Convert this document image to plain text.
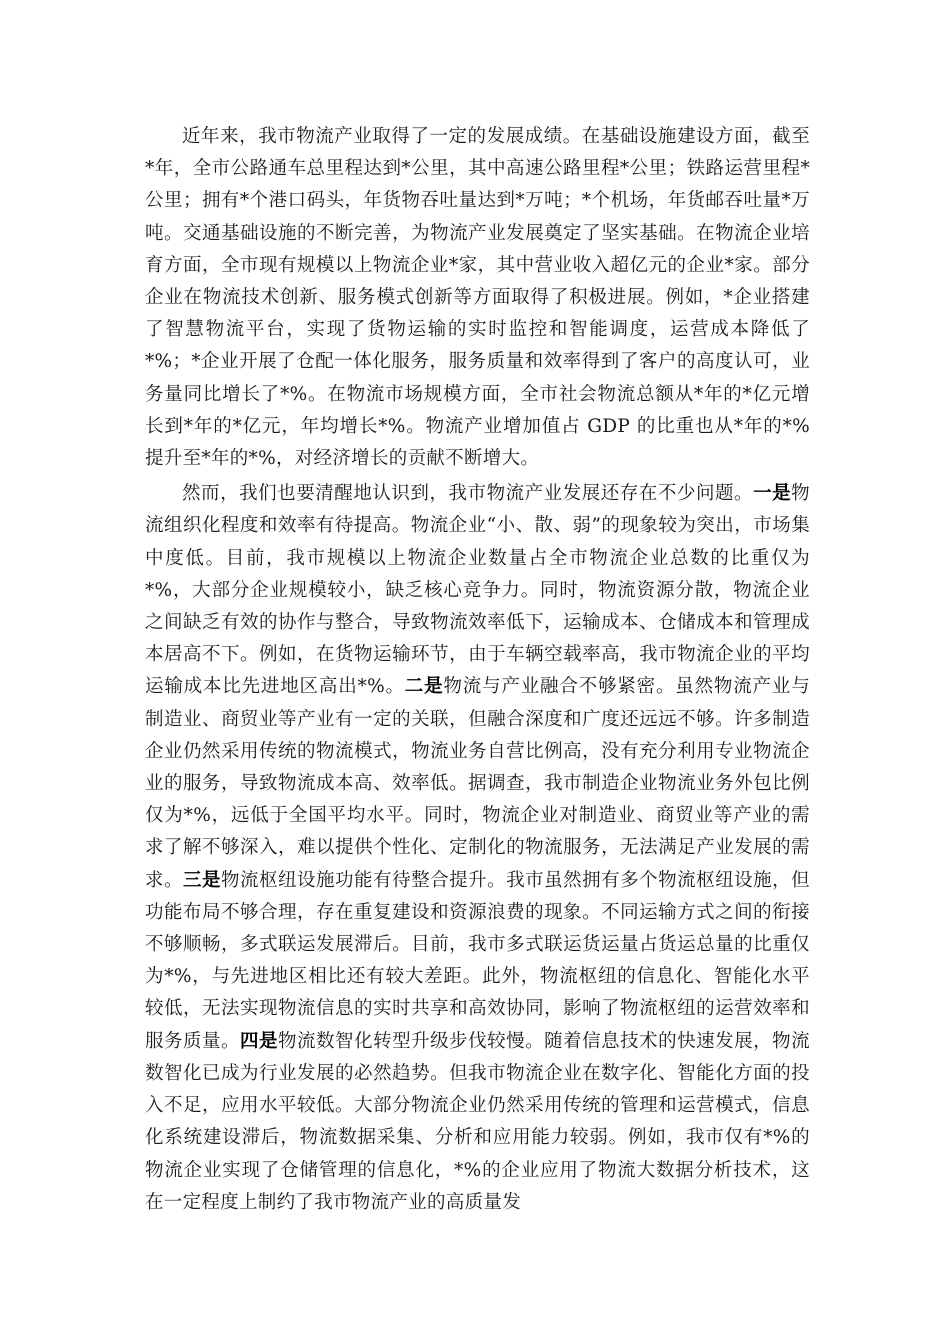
近年来，我市物流产业取得了一定的发展成绩。在基础设施建设方面，截至*年，全市公路通车总里程达到*公里，其中高速公路里程*公里；铁路运营里程*公里；拥有*个港口码头，年货物吞吐量达到*万吨；*个机场，年货邮吞吐量*万吨。交通基础设施的不断完善，为物流产业发展奠定了坚实基础。在物流企业培育方面，全市现有规模以上物流企业*家，其中营业收入超亿元的企业*家。部分企业在物流技术创新、服务模式创新等方面取得了积极进展。例如，*企业搭建了智慧物流平台，实现了货物运输的实时监控和智能调度，运营成本降低了*%；*企业开展了仓配一体化服务，服务质量和效率得到了客户的高度认可，业务量同比增长了*%。在物流市场规模方面，全市社会物流总额从*年的*亿元增长到*年的*亿元，年均增长*%。物流产业增加值占 GDP 的比重也从*年的*%提升至*年的*%，对经济增长的贡献不断增大。

然而，我们也要清醒地认识到，我市物流产业发展还存在不少问题。一是物流组织化程度和效率有待提高。物流企业“小、散、弱”的现象较为突出，市场集中度低。目前，我市规模以上物流企业数量占全市物流企业总数的比重仅为*%，大部分企业规模较小，缺乏核心竞争力。同时，物流资源分散，物流企业之间缺乏有效的协作与整合，导致物流效率低下，运输成本、仓储成本和管理成本居高不下。例如，在货物运输环节，由于车辆空载率高，我市物流企业的平均运输成本比先进地区高出*%。二是物流与产业融合不够紧密。虽然物流产业与制造业、商贸业等产业有一定的关联，但融合深度和广度还远远不够。许多制造企业仍然采用传统的物流模式，物流业务自营比例高，没有充分利用专业物流企业的服务，导致物流成本高、效率低。据调查，我市制造企业物流业务外包比例仅为*%，远低于全国平均水平。同时，物流企业对制造业、商贸业等产业的需求了解不够深入，难以提供个性化、定制化的物流服务，无法满足产业发展的需求。三是物流枢纽设施功能有待整合提升。我市虽然拥有多个物流枢纽设施，但功能布局不够合理，存在重复建设和资源浪费的现象。不同运输方式之间的衔接不够顺畅，多式联运发展滞后。目前，我市多式联运货运量占货运总量的比重仅为*%，与先进地区相比还有较大差距。此外，物流枢纽的信息化、智能化水平较低，无法实现物流信息的实时共享和高效协同，影响了物流枢纽的运营效率和服务质量。四是物流数智化转型升级步伐较慢。随着信息技术的快速发展，物流数智化已成为行业发展的必然趋势。但我市物流企业在数字化、智能化方面的投入不足，应用水平较低。大部分物流企业仍然采用传统的管理和运营模式，信息化系统建设滞后，物流数据采集、分析和应用能力较弱。例如，我市仅有*%的物流企业实现了仓储管理的信息化，*%的企业应用了物流大数据分析技术，这在一定程度上制约了我市物流产业的高质量发
